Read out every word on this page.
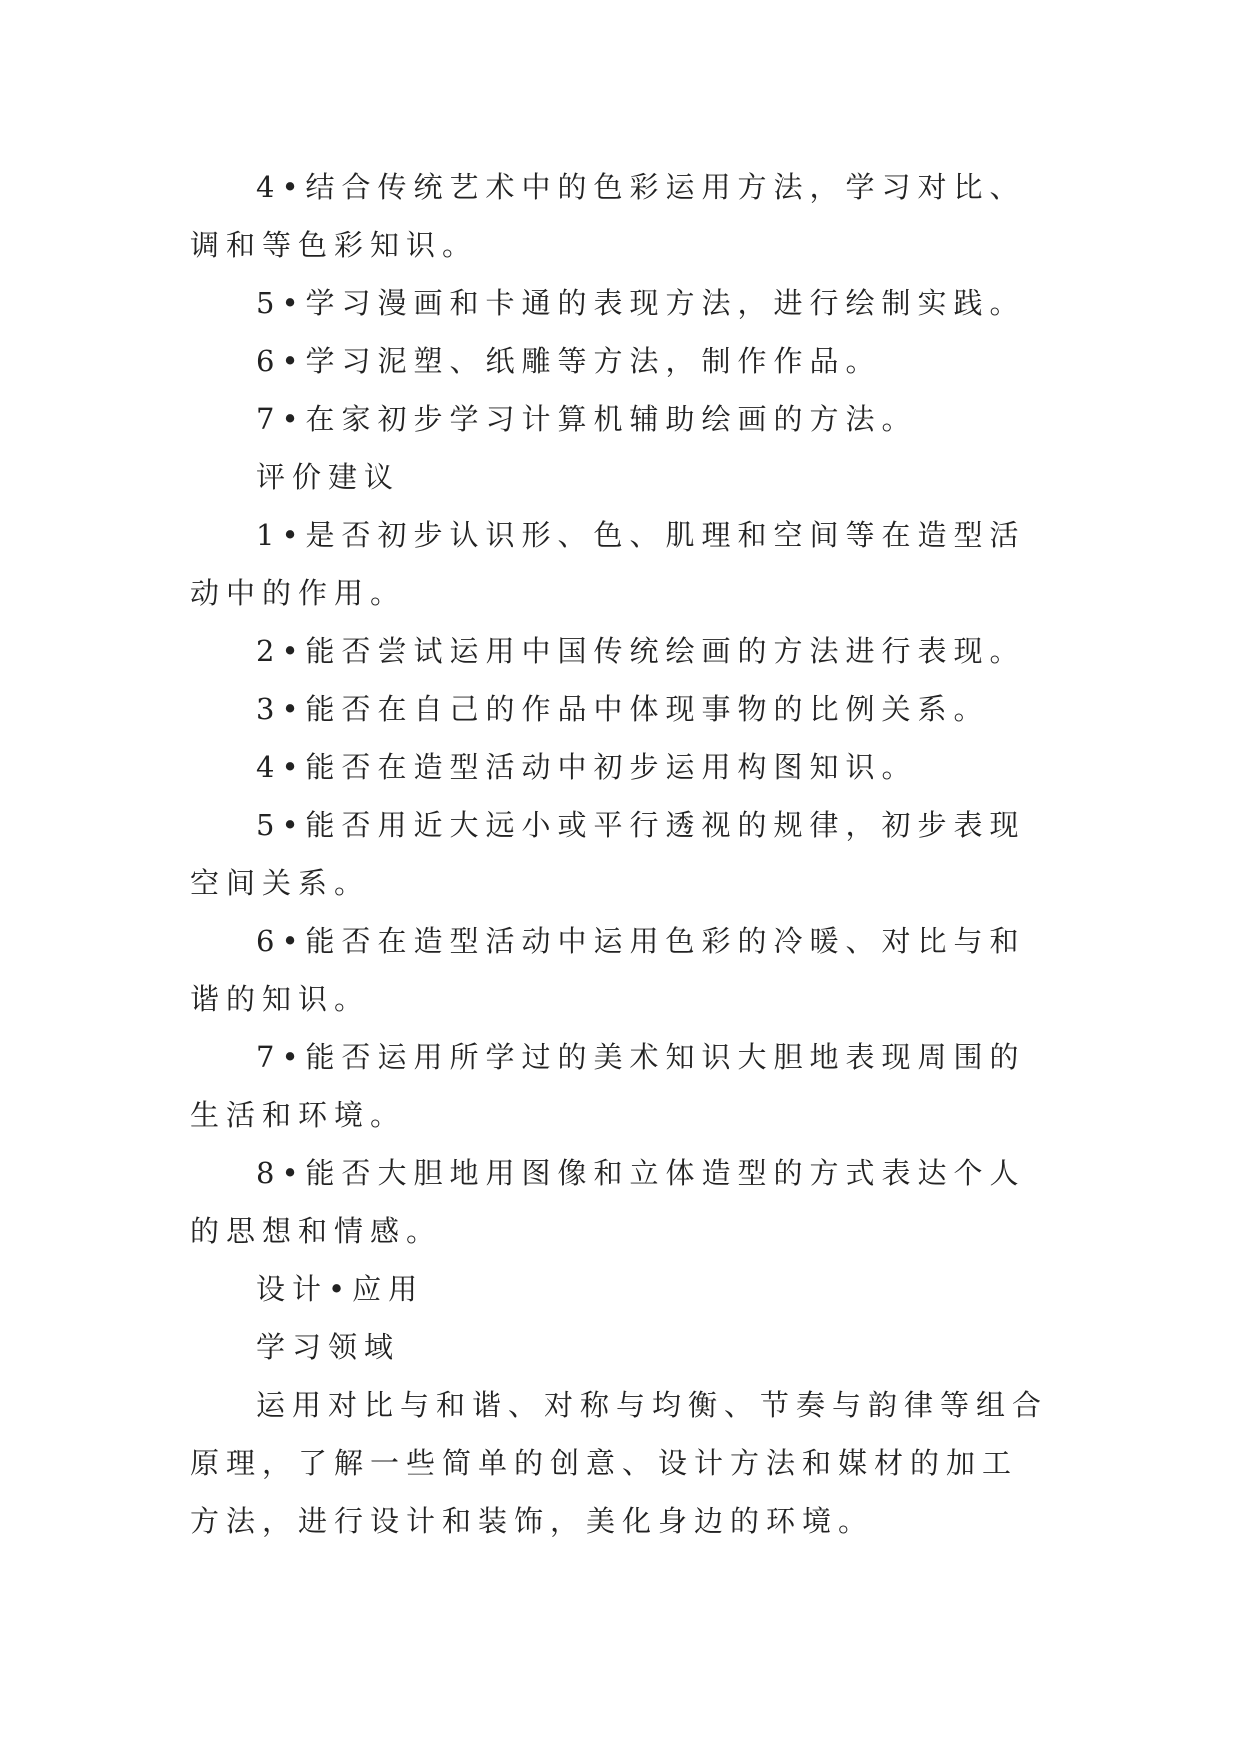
4•结合传统艺术中的色彩运用方法，学习对比、调和等色彩知识。

5•学习漫画和卡通的表现方法，进行绘制实践。

6•学习泥塑、纸雕等方法，制作作品。

7•在家初步学习计算机辅助绘画的方法。

评价建议

1•是否初步认识形、色、肌理和空间等在造型活动中的作用。

2•能否尝试运用中国传统绘画的方法进行表现。

3•能否在自己的作品中体现事物的比例关系。

4•能否在造型活动中初步运用构图知识。

5•能否用近大远小或平行透视的规律，初步表现空间关系。

6•能否在造型活动中运用色彩的冷暖、对比与和谐的知识。

7•能否运用所学过的美术知识大胆地表现周围的生活和环境。

8•能否大胆地用图像和立体造型的方式表达个人的思想和情感。

设计•应用

学习领域

运用对比与和谐、对称与均衡、节奏与韵律等组合原理，了解一些简单的创意、设计方法和媒材的加工方法，进行设计和装饰，美化身边的环境。
